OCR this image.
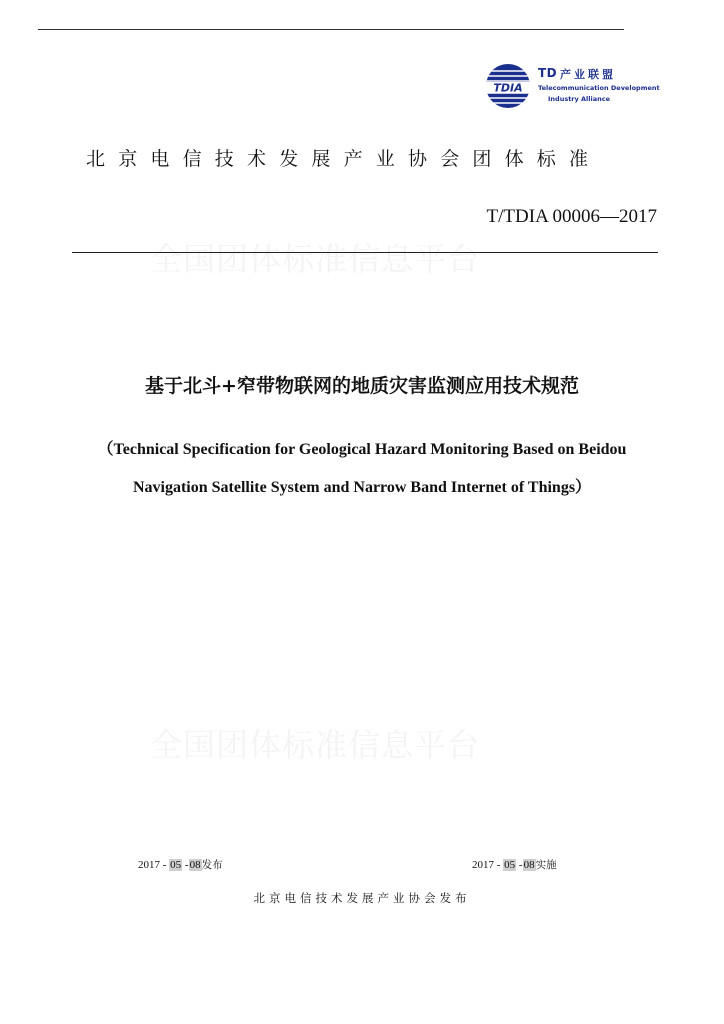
TDIA
TD 产业联盟
Telecommunication Development
Industry Alliance
北京电信技术发展产业协会团体标准
T/TDIA 00006—2017
基于北斗+窄带物联网的地质灾害监测应用技术规范
（Technical Specification for Geological Hazard Monitoring Based on Beidou
Navigation Satellite System and Narrow Band Internet of Things）
2017 - 05 -08发布	2017 - 05 -08实施
北京电信技术发展产业协会发布
